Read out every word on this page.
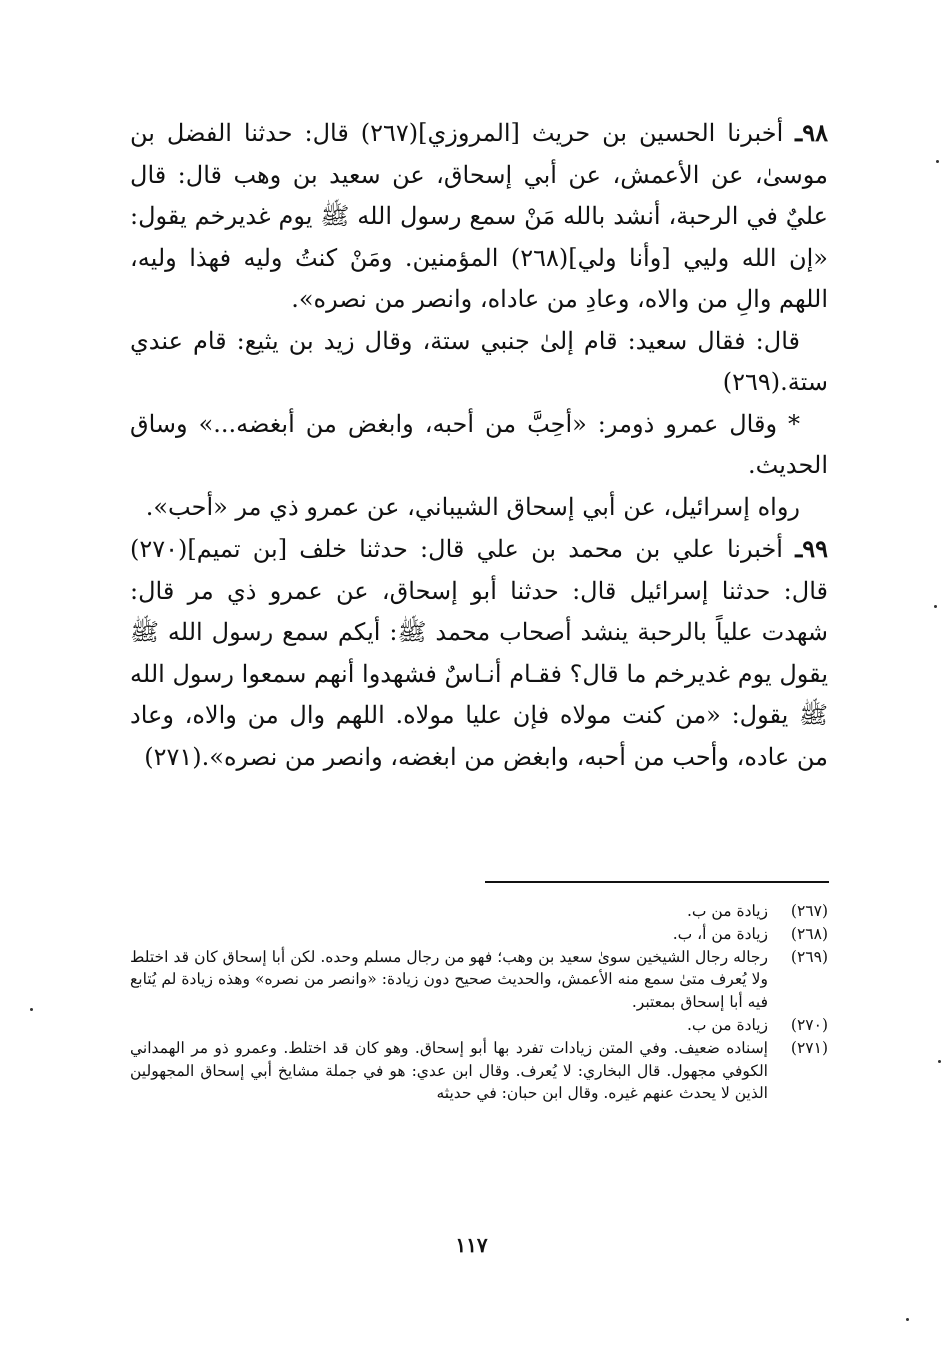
٩٨ـ أخبرنا الحسين بن حريث [المروزي](٢٦٧) قال: حدثنا الفضل بن موسىٰ، عن الأعمش، عن أبي إسحاق، عن سعيد بن وهب قال: قال عليٌ في الرحبة، أنشد بالله مَنْ سمع رسول الله ﷺ يوم غديرخم يقول: «إن الله وليي [وأنا ولي](٢٦٨) المؤمنين. ومَنْ كنتُ وليه فهذا وليه، اللهم والِ من والاه، وعادِ من عاداه، وانصر من نصره».

قال: فقال سعيد: قام إلىٰ جنبي ستة، وقال زيد بن يثيع: قام عندي ستة.(٢٦٩)

* وقال عمرو ذومر: «أحِبَّ من أحبه، وابغض من أبغضه...» وساق الحديث.

رواه إسرائيل، عن أبي إسحاق الشيباني، عن عمرو ذي مر «أحب».

٩٩ـ أخبرنا علي بن محمد بن علي قال: حدثنا خلف [بن تميم](٢٧٠) قال: حدثنا إسرائيل قال: حدثنا أبو إسحاق، عن عمرو ذي مر قال: شهدت علياً بالرحبة ينشد أصحاب محمد ﷺ: أيكم سمع رسول الله ﷺ يقول يوم غديرخم ما قال؟ فقـام أنـاسٌ فشهدوا أنهم سمعوا رسول الله ﷺ يقول: «من كنت مولاه فإن عليا مولاه. اللهم وال من والاه، وعاد من عاده، وأحب من أحبه، وابغض من ابغضه، وانصر من نصره».(٢٧١)

(٢٦٧)
زيادة من ب.
(٢٦٨)
زيادة من أ، ب.
(٢٦٩)
رجاله رجال الشيخين سوىٰ سعيد بن وهب؛ فهو من رجال مسلم وحده. لكن أبا إسحاق كان قد اختلط ولا يُعرف متىٰ سمع منه الأعمش، والحديث صحيح دون زيادة: «وانصر من نصره» وهذه زيادة لم يُتابع فيه أبا إسحاق بمعتبر.
(٢٧٠)
زيادة من ب.
(٢٧١)
إسناده ضعيف. وفي المتن زيادات تفرد بها أبو إسحاق. وهو كان قد اختلط. وعمرو ذو مر الهمداني الكوفي مجهول. قال البخاري: لا يُعرف. وقال ابن عدي: هو في جملة مشايخ أبي إسحاق المجهولين الذين لا يحدث عنهم غيره. وقال ابن حبان: في حديثه
١١٧
